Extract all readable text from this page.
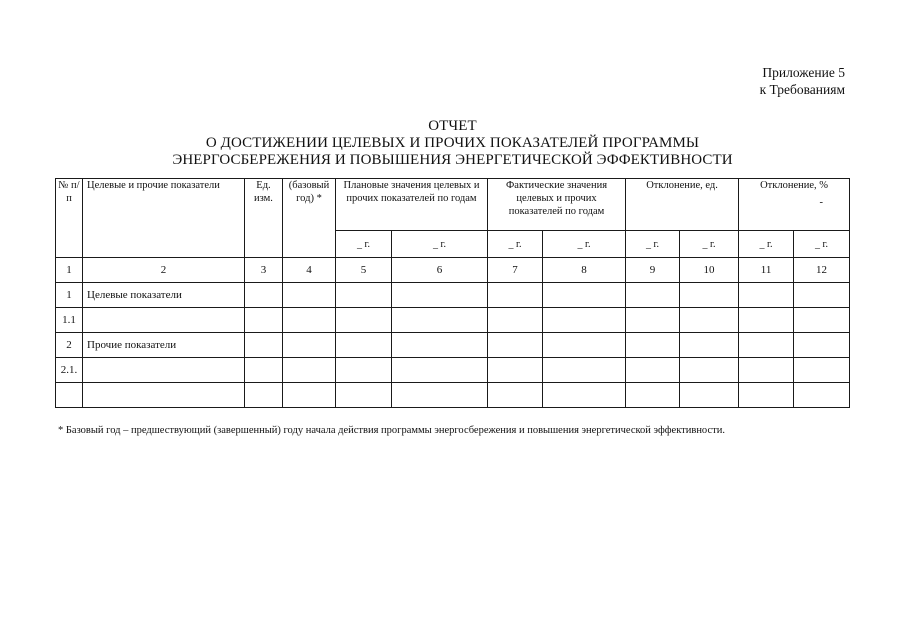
Приложение 5
к Требованиям
ОТЧЕТ
О ДОСТИЖЕНИИ ЦЕЛЕВЫХ И ПРОЧИХ ПОКАЗАТЕЛЕЙ ПРОГРАММЫ
ЭНЕРГОСБЕРЕЖЕНИЯ И ПОВЫШЕНИЯ ЭНЕРГЕТИЧЕСКОЙ ЭФФЕКТИВНОСТИ
№ п/п	Целевые и прочие показатели	Ед. изм.	(базовый год) *	Плановые значения целевых и прочих показателей по годам		Фактические значения целевых и прочих показателей по годам		Отклонение, ед.		Отклонение, %
-	

				_ г.	_ г.	_ г.	_ г.	_ г.	_ г.	_ г.	_ г.
1	2	3	4	5	6	7	8	9	10	11	12
1	Целевые показатели										
1.1											
2	Прочие показатели										
2.1.											

* Базовый год – предшествующий (завершенный) году начала действия программы энергосбережения и повышения энергетической эффективности.
